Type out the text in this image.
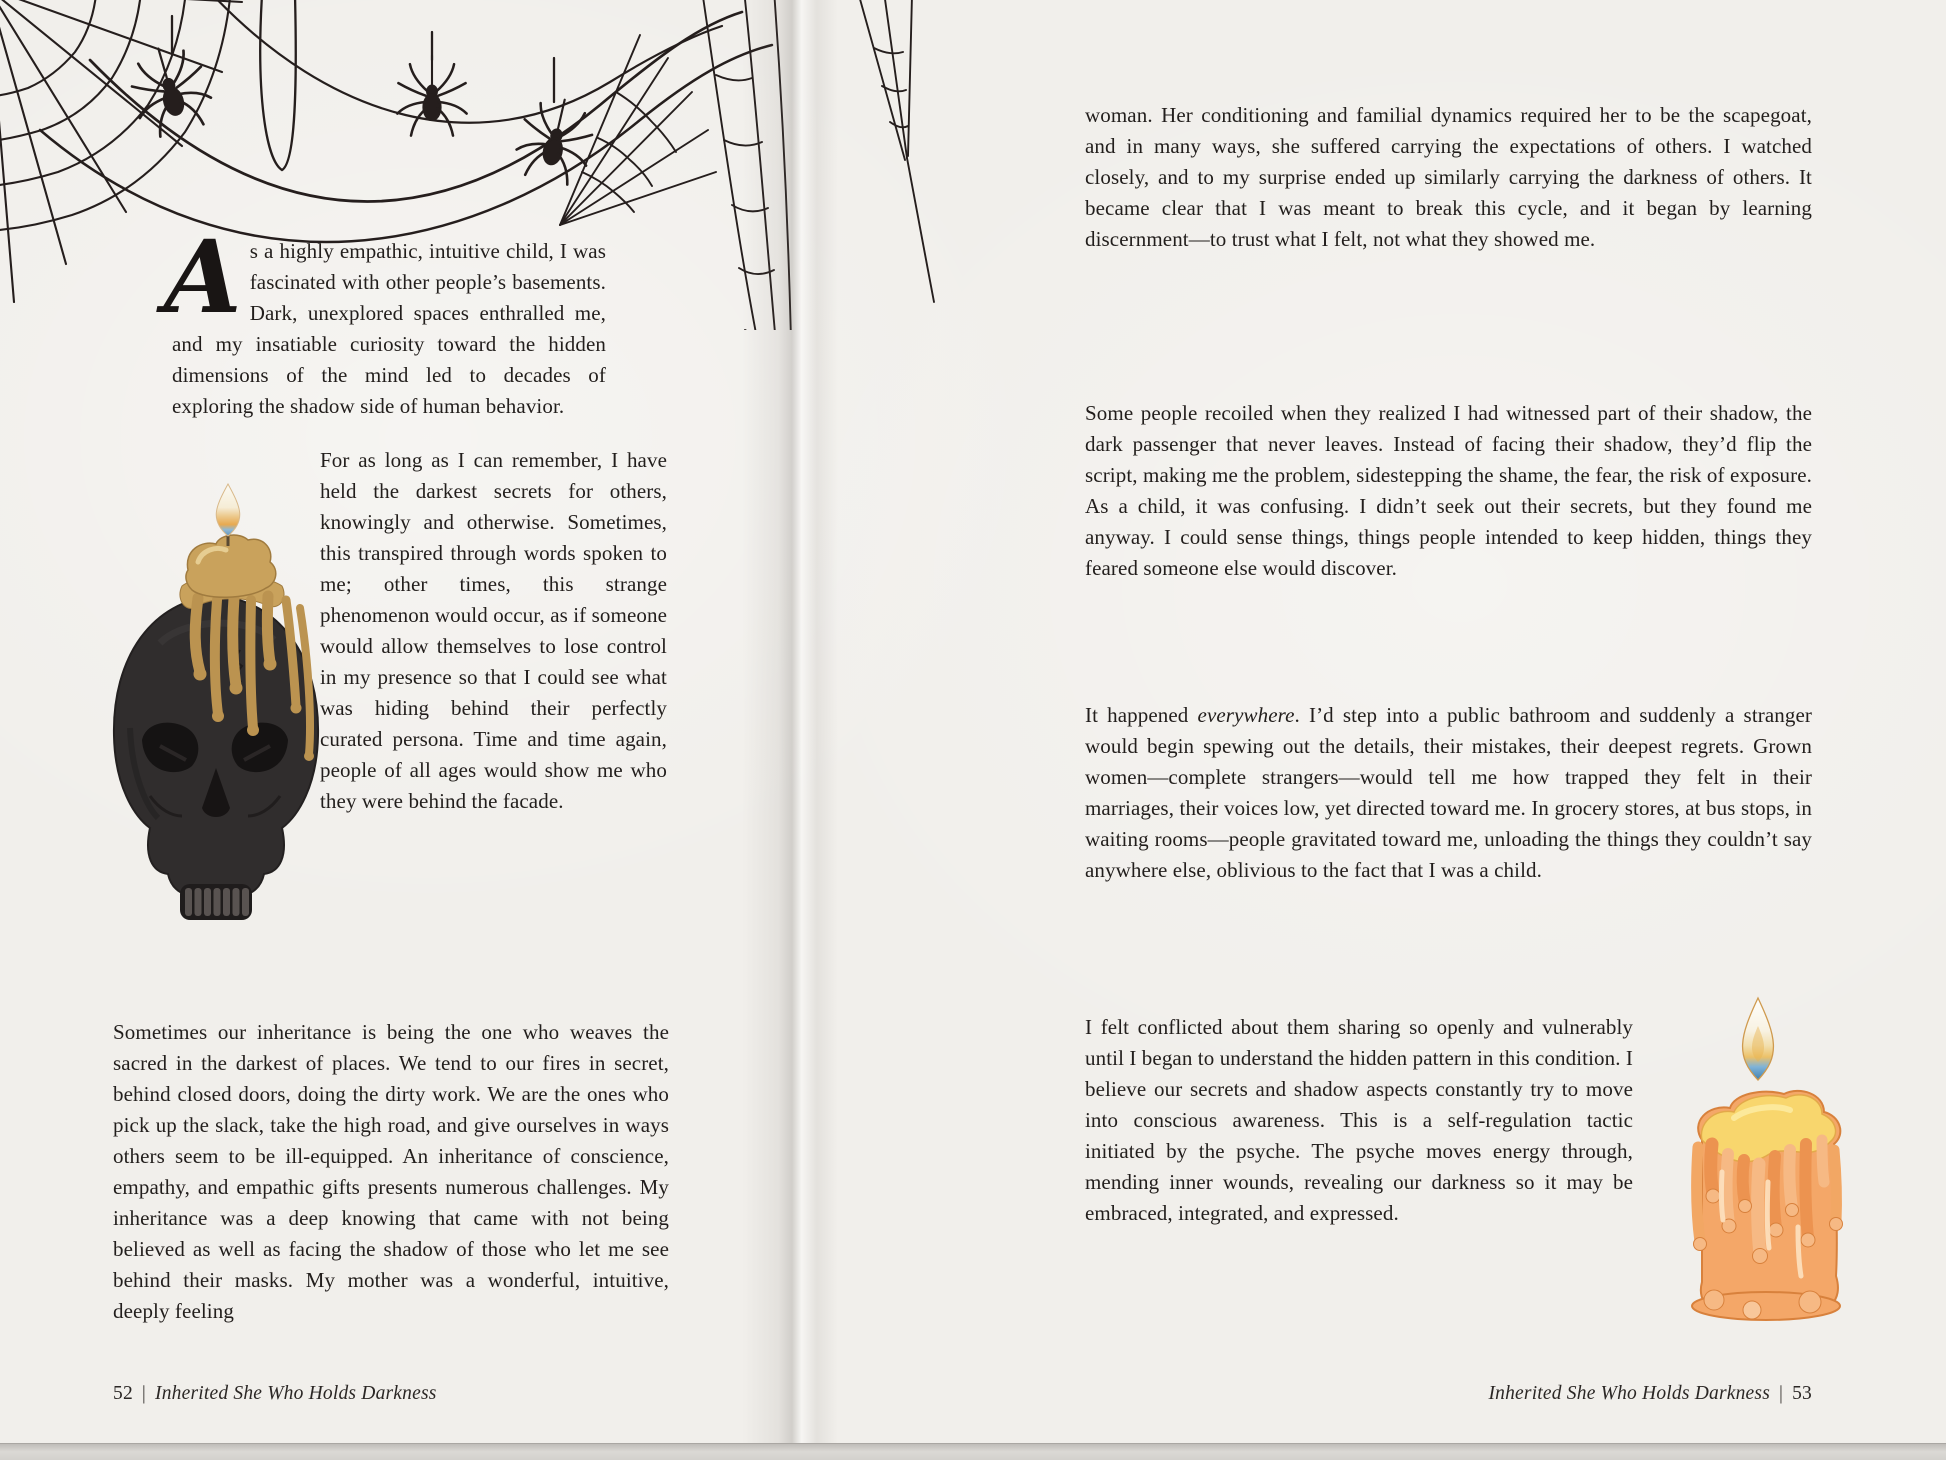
As a highly empathic, intuitive child, I was fascinated with other people’s basements. Dark, unexplored spaces enthralled me, and my insatiable curiosity toward the hidden dimensions of the mind led to decades of exploring the shadow side of human behavior.

For as long as I can remember, I have held the darkest secrets for others, knowingly and otherwise. Sometimes, this transpired through words spoken to me; other times, this strange phenomenon would occur, as if someone would allow themselves to lose control in my presence so that I could see what was hiding behind their perfectly curated persona. Time and time again, people of all ages would show me who they were behind the facade.

Sometimes our inheritance is being the one who weaves the sacred in the darkest of places. We tend to our fires in secret, behind closed doors, doing the dirty work. We are the ones who pick up the slack, take the high road, and give ourselves in ways others seem to be ill-equipped. An inheritance of conscience, empathy, and empathic gifts presents numerous challenges. My inheritance was a deep knowing that came with not being believed as well as facing the shadow of those who let me see behind their masks. My mother was a wonderful, intuitive, deeply feeling

52 | Inherited She Who Holds Darkness

woman. Her conditioning and familial dynamics required her to be the scapegoat, and in many ways, she suffered carrying the expectations of others. I watched closely, and to my surprise ended up similarly carrying the darkness of others. It became clear that I was meant to break this cycle, and it began by learning discernment—to trust what I felt, not what they showed me.

Some people recoiled when they realized I had witnessed part of their shadow, the dark passenger that never leaves. Instead of facing their shadow, they’d flip the script, making me the problem, sidestepping the shame, the fear, the risk of exposure. As a child, it was confusing. I didn’t seek out their secrets, but they found me anyway. I could sense things, things people intended to keep hidden, things they feared someone else would discover.

It happened everywhere. I’d step into a public bathroom and suddenly a stranger would begin spewing out the details, their mistakes, their deepest regrets. Grown women—complete strangers—would tell me how trapped they felt in their marriages, their voices low, yet directed toward me. In grocery stores, at bus stops, in waiting rooms—people gravitated toward me, unloading the things they couldn’t say anywhere else, oblivious to the fact that I was a child.

I felt conflicted about them sharing so openly and vulnerably until I began to understand the hidden pattern in this condition. I believe our secrets and shadow aspects constantly try to move into conscious awareness. This is a self-regulation tactic initiated by the psyche. The psyche moves energy through, mending inner wounds, revealing our darkness so it may be embraced, integrated, and expressed.

Inherited She Who Holds Darkness | 53
